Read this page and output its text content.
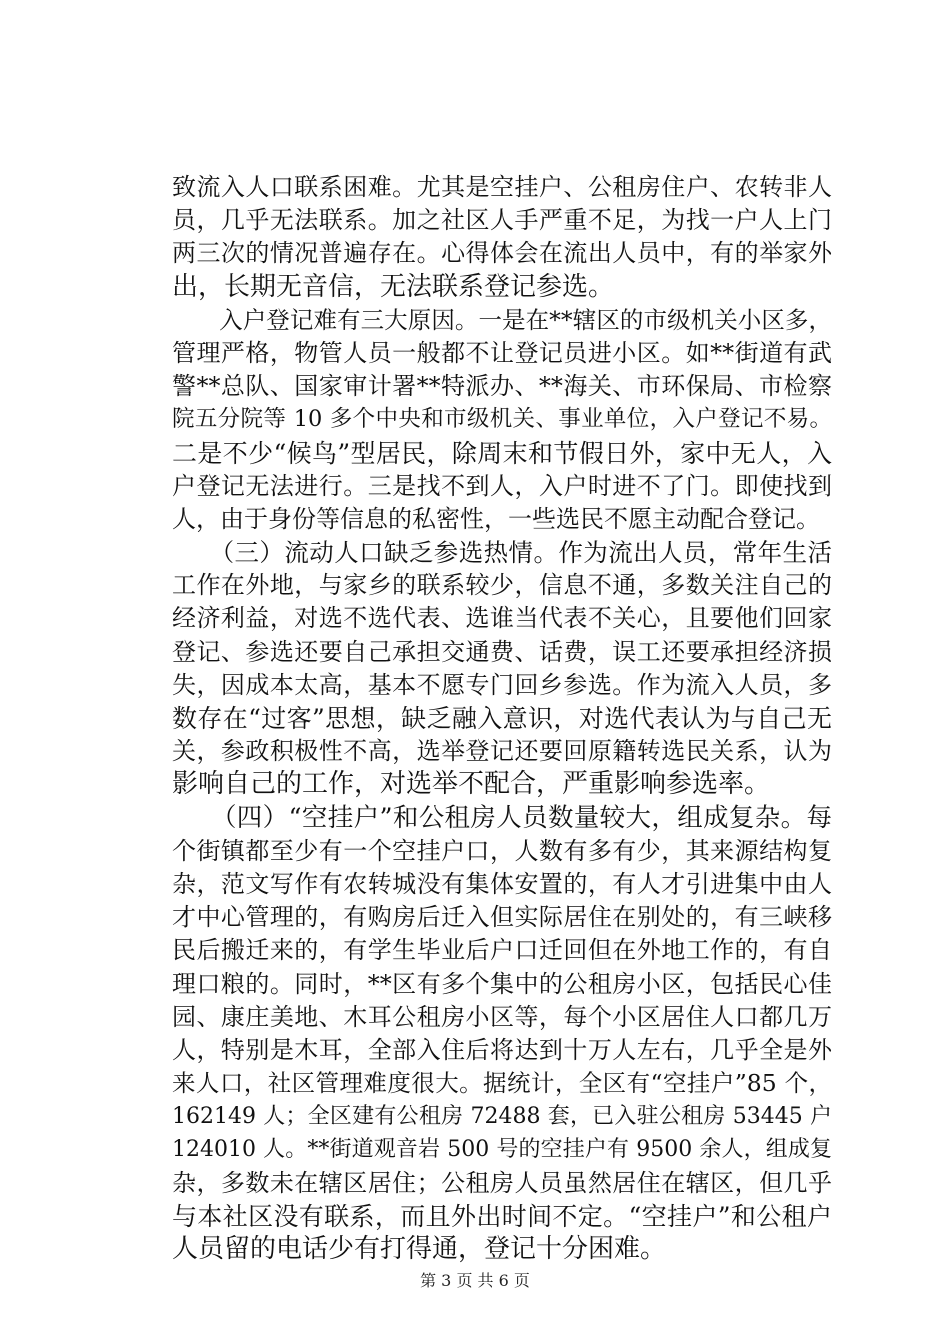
致流入人口联系困难。尤其是空挂户、公租房住户、农转非人
员，几乎无法联系。加之社区人手严重不足，为找一户人上门
两三次的情况普遍存在。心得体会在流出人员中，有的举家外
出，长期无音信，无法联系登记参选。
　　入户登记难有三大原因。一是在**辖区的市级机关小区多，
管理严格，物管人员一般都不让登记员进小区。如**街道有武
警**总队、国家审计署**特派办、**海关、市环保局、市检察
院五分院等 10 多个中央和市级机关、事业单位，入户登记不易。
二是不少“候鸟”型居民，除周末和节假日外，家中无人，入
户登记无法进行。三是找不到人，入户时进不了门。即使找到
人，由于身份等信息的私密性，一些选民不愿主动配合登记。
　　（三）流动人口缺乏参选热情。作为流出人员，常年生活
工作在外地，与家乡的联系较少，信息不通，多数关注自己的
经济利益，对选不选代表、选谁当代表不关心，且要他们回家
登记、参选还要自己承担交通费、话费，误工还要承担经济损
失，因成本太高，基本不愿专门回乡参选。作为流入人员，多
数存在“过客”思想，缺乏融入意识，对选代表认为与自己无
关，参政积极性不高，选举登记还要回原籍转选民关系，认为
影响自己的工作，对选举不配合，严重影响参选率。
　　（四）“空挂户”和公租房人员数量较大，组成复杂。每
个街镇都至少有一个空挂户口，人数有多有少，其来源结构复
杂，范文写作有农转城没有集体安置的，有人才引进集中由人
才中心管理的，有购房后迁入但实际居住在别处的，有三峡移
民后搬迁来的，有学生毕业后户口迁回但在外地工作的，有自
理口粮的。同时，**区有多个集中的公租房小区，包括民心佳
园、康庄美地、木耳公租房小区等，每个小区居住人口都几万
人，特别是木耳，全部入住后将达到十万人左右，几乎全是外
来人口，社区管理难度很大。据统计，全区有“空挂户”85 个，
162149 人；全区建有公租房 72488 套，已入驻公租房 53445 户
124010 人。**街道观音岩 500 号的空挂户有 9500 余人，组成复
杂，多数未在辖区居住；公租房人员虽然居住在辖区，但几乎
与本社区没有联系，而且外出时间不定。“空挂户”和公租户
人员留的电话少有打得通，登记十分困难。
第 3 页 共 6 页
